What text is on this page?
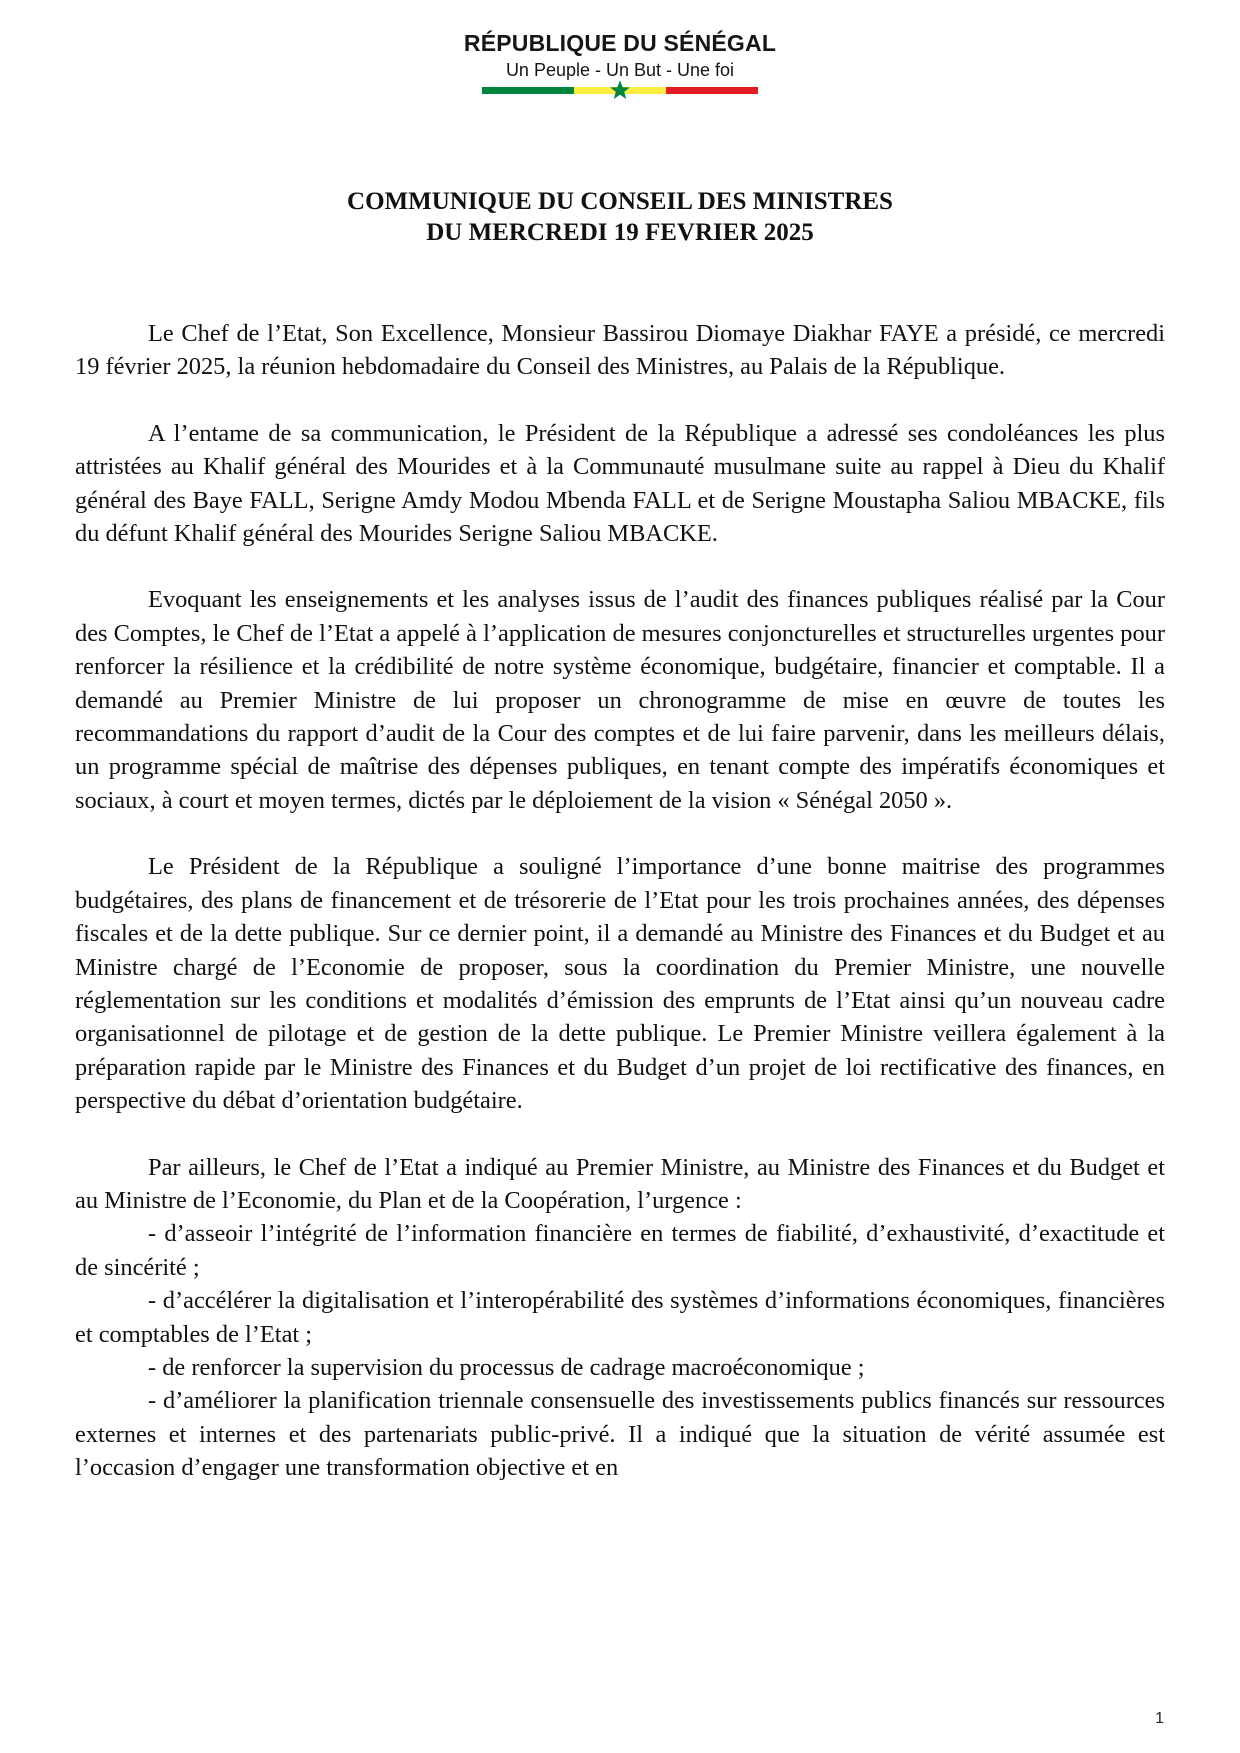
RÉPUBLIQUE DU SÉNÉGAL
Un Peuple - Un But - Une foi
COMMUNIQUE DU CONSEIL DES MINISTRES
DU MERCREDI 19 FEVRIER 2025

Le Chef de l’Etat, Son Excellence, Monsieur Bassirou Diomaye Diakhar FAYE a présidé, ce mercredi 19 février 2025, la réunion hebdomadaire du Conseil des Ministres, au Palais de la République.

A l’entame de sa communication, le Président de la République a adressé ses condoléances les plus attristées au Khalif général des Mourides et à la Communauté musulmane suite au rappel à Dieu du Khalif général des Baye FALL, Serigne Amdy Modou Mbenda FALL et de Serigne Moustapha Saliou MBACKE, fils du défunt Khalif général des Mourides Serigne Saliou MBACKE.

Evoquant les enseignements et les analyses issus de l’audit des finances publiques réalisé par la Cour des Comptes, le Chef de l’Etat a appelé à l’application de mesures conjoncturelles et structurelles urgentes pour renforcer la résilience et la crédibilité de notre système économique, budgétaire, financier et comptable. Il a demandé au Premier Ministre de lui proposer un chronogramme de mise en œuvre de toutes les recommandations du rapport d’audit de la Cour des comptes et de lui faire parvenir, dans les meilleurs délais, un programme spécial de maîtrise des dépenses publiques, en tenant compte des impératifs économiques et sociaux, à court et moyen termes, dictés par le déploiement de la vision « Sénégal 2050 ».

Le Président de la République a souligné l’importance d’une bonne maitrise des programmes budgétaires, des plans de financement et de trésorerie de l’Etat pour les trois prochaines années, des dépenses fiscales et de la dette publique. Sur ce dernier point, il a demandé au Ministre des Finances et du Budget et au Ministre chargé de l’Economie de proposer, sous la coordination du Premier Ministre, une nouvelle réglementation sur les conditions et modalités d’émission des emprunts de l’Etat ainsi qu’un nouveau cadre organisationnel de pilotage et de gestion de la dette publique. Le Premier Ministre veillera également à la préparation rapide par le Ministre des Finances et du Budget d’un projet de loi rectificative des finances, en perspective du débat d’orientation budgétaire.

Par ailleurs, le Chef de l’Etat a indiqué au Premier Ministre, au Ministre des Finances et du Budget et au Ministre de l’Economie, du Plan et de la Coopération, l’urgence :

- d’asseoir l’intégrité de l’information financière en termes de fiabilité, d’exhaustivité, d’exactitude et de sincérité ;

- d’accélérer la digitalisation et l’interopérabilité des systèmes d’informations économiques, financières et comptables de l’Etat ;

- de renforcer la supervision du processus de cadrage macroéconomique ;

- d’améliorer la planification triennale consensuelle des investissements publics financés sur ressources externes et internes et des partenariats public-privé. Il a indiqué que la situation de vérité assumée est l’occasion d’engager une transformation objective et en

1
